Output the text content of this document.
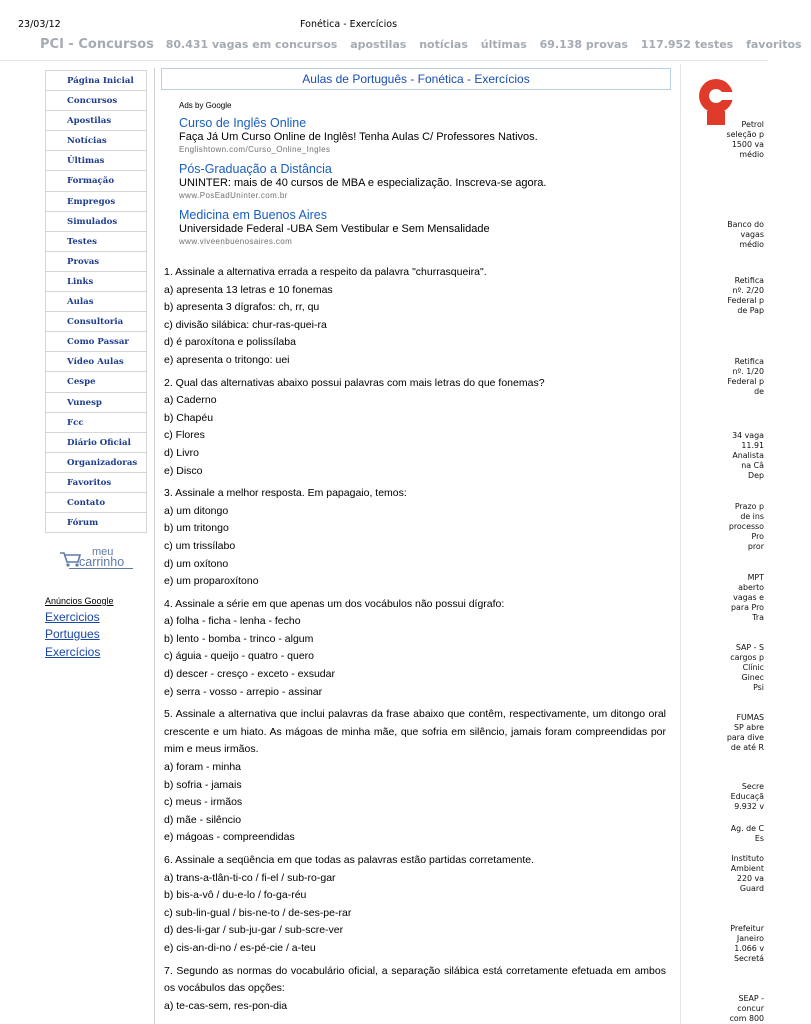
23/03/12	Fonética - Exercícios
PCI - Concursos 80.431 vagas em concursos apostilas notícias últimas 69.138 provas 117.952 testes favoritos
Página Inicial
Concursos
Apostilas
Notícias
Últimas
Formação
Empregos
Simulados
Testes
Provas
Links
Aulas
Consultoria
Como Passar
Vídeo Aulas
Cespe
Vunesp
Fcc
Diário Oficial
Organizadoras
Favoritos
Contato
Fórum
meu
carrinho
Anúncios Google
Exercicios
Portugues
Exercícios
Aulas de Português - Fonética - Exercícios
Ads by Google
Curso de Inglês Online
Faça Já Um Curso Online de Inglês! Tenha Aulas C/ Professores Nativos.
Englishtown.com/Curso_Online_Ingles
Pós-Graduação a Distância
UNINTER: mais de 40 cursos de MBA e especialização. Inscreva-se agora.
www.PosEadUninter.com.br
Medicina em Buenos Aires
Universidade Federal -UBA Sem Vestibular e Sem Mensalidade
www.viveenbuenosaires.com
1. Assinale a alternativa errada a respeito da palavra "churrasqueira".
a) apresenta 13 letras e 10 fonemas
b) apresenta 3 dígrafos: ch, rr, qu
c) divisão silábica: chur-ras-quei-ra
d) é paroxítona e polissílaba
e) apresenta o tritongo: uei
2. Qual das alternativas abaixo possui palavras com mais letras do que fonemas?
a) Caderno
b) Chapéu
c) Flores
d) Livro
e) Disco
3. Assinale a melhor resposta. Em papagaio, temos:
a) um ditongo
b) um tritongo
c) um trissílabo
d) um oxítono
e) um proparoxítono
4. Assinale a série em que apenas um dos vocábulos não possui dígrafo:
a) folha - ficha - lenha - fecho
b) lento - bomba - trinco - algum
c) águia - queijo - quatro - quero
d) descer - cresço - exceto - exsudar
e) serra - vosso - arrepio - assinar
5. Assinale a alternativa que inclui palavras da frase abaixo que contêm, respectivamente, um ditongo oral crescente e um hiato. As mágoas de minha mãe, que sofria em silêncio, jamais foram compreendidas por mim e meus irmãos.
a) foram - minha
b) sofria - jamais
c) meus - irmãos
d) mãe - silêncio
e) mágoas - compreendidas
6. Assinale a seqüência em que todas as palavras estão partidas corretamente.
a) trans-a-tlân-ti-co / fi-el / sub-ro-gar
b) bis-a-vô / du-e-lo / fo-ga-réu
c) sub-lin-gual / bis-ne-to / de-ses-pe-rar
d) des-li-gar / sub-ju-gar / sub-scre-ver
e) cis-an-di-no / es-pé-cie / a-teu
7. Segundo as normas do vocabulário oficial, a separação silábica está corretamente efetuada em ambos os vocábulos das opções:
a) te-cas-sem, res-pon-dia
Petrol
seleção p
1500 va
médio
Banco do
vagas
médio
Retifica
nº. 2/20
Federal p
de Pap
Retifica
nº. 1/20
Federal p
de
34 vaga
11.91
Analista
na Câ
Dep
Prazo p
de ins
processo
Pro
pror
MPT
aberto
vagas e
para Pro
Tra
SAP - S
cargos p
Clínic
Ginec
Psi
FUMAS
SP abre
para dive
de até R
Secre
Educaçã
9.932 v
Ag. de C
Es
Instituto
Ambient
220 va
Guard
Prefeitur
Janeiro
1.066 v
Secretá
SEAP -
concur
com 800
